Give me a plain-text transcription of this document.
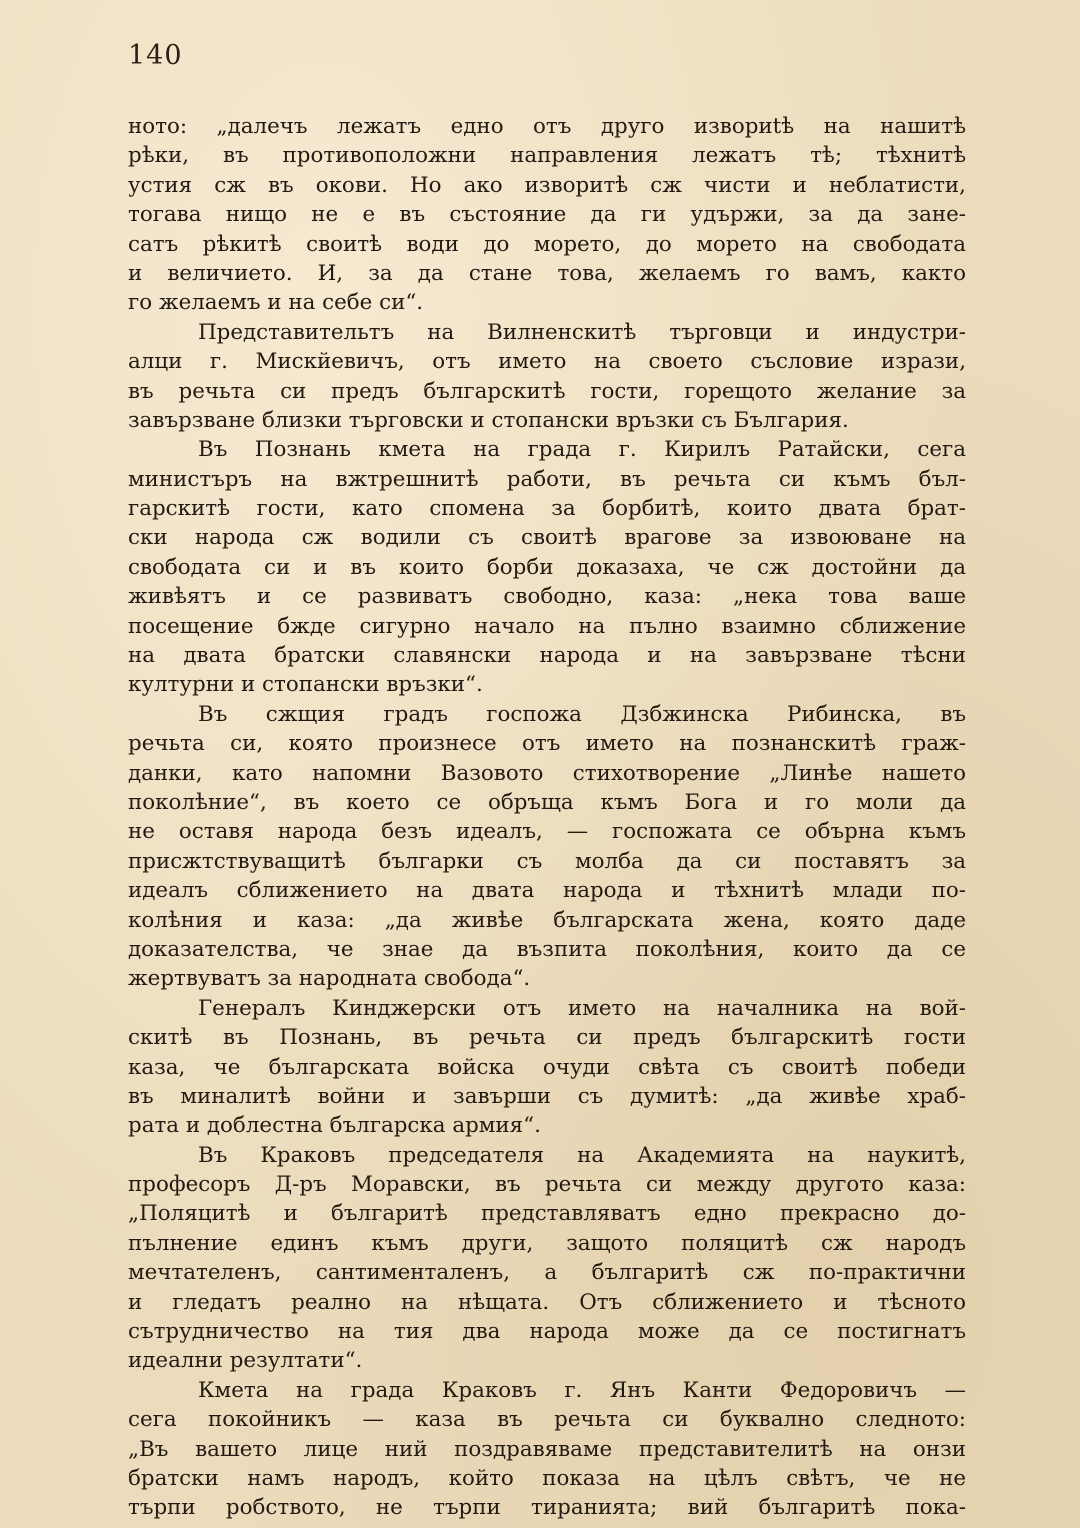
140
ното: „далечъ лежатъ едно отъ друго извориtѣ на нашитѣ
рѣки, въ противоположни направления лежатъ тѣ; тѣхнитѣ
устия сж въ окови. Но ако изворитѣ сж чисти и неблатисти,
тогава нищо не е въ състояние да ги удържи, за да зане-
сатъ рѣкитѣ своитѣ води до морето, до морето на свободата
и величието. И, за да стане това, желаемъ го вамъ, както
го желаемъ и на себе си“.
Представительтъ на Вилненскитѣ търговци и индустри-
алци г. Мискйевичъ, отъ името на своето съсловие изрази,
въ речьта си предъ българскитѣ гости, горещото желание за
завързване близки търговски и стопански връзки съ България.
Въ Познань кмета на града г. Кирилъ Ратайски, сега
министъръ на вжтрешнитѣ работи, въ речьта си къмъ бъл-
гарскитѣ гости, като спомена за борбитѣ, които двата брат-
ски народа сж водили съ своитѣ врагове за извоюване на
свободата си и въ които борби доказаха, че сж достойни да
живѣятъ и се развиватъ свободно, каза: „нека това ваше
посещение бжде сигурно начало на пълно взаимно сближение
на двата братски славянски народа и на завързване тѣсни
културни и стопански връзки“.
Въ сжщия градъ госпожа Дзбжинска Рибинска, въ
речьта си, която произнесе отъ името на познанскитѣ граж-
данки, като напомни Вазовото стихотворение „Линѣе нашето
поколѣние“, въ което се обръща къмъ Бога и го моли да
не оставя народа безъ идеалъ, — госпожата се обърна къмъ
присжтствуващитѣ българки съ молба да си поставятъ за
идеалъ сближението на двата народа и тѣхнитѣ млади по-
колѣния и каза: „да живѣе българската жена, която даде
доказателства, че знае да възпита поколѣния, които да се
жертвуватъ за народната свобода“.
Генералъ Кинджерски отъ името на началника на вой-
скитѣ въ Познань, въ речьта си предъ българскитѣ гости
каза, че българската войска очуди свѣта съ своитѣ победи
въ миналитѣ войни и завърши съ думитѣ: „да живѣе храб-
рата и доблестна българска армия“.
Въ Краковъ председателя на Академията на наукитѣ,
професоръ Д-ръ Моравски, въ речьта си между другото каза:
„Поляцитѣ и българитѣ представляватъ едно прекрасно до-
пълнение единъ къмъ други, защото поляцитѣ сж народъ
мечтателенъ, сантименталенъ, а българитѣ сж по-практични
и гледатъ реално на нѣщата. Отъ сближението и тѣсното
сътрудничество на тия два народа може да се постигнатъ
идеални резултати“.
Кмета на града Краковъ г. Янъ Канти Федоровичъ —
сега покойникъ — каза въ речьта си буквално следното:
„Въ вашето лице ний поздравяваме представителитѣ на онзи
братски намъ народъ, който показа на цѣлъ свѣтъ, че не
търпи робството, не търпи тиранията; вий българитѣ пока-
